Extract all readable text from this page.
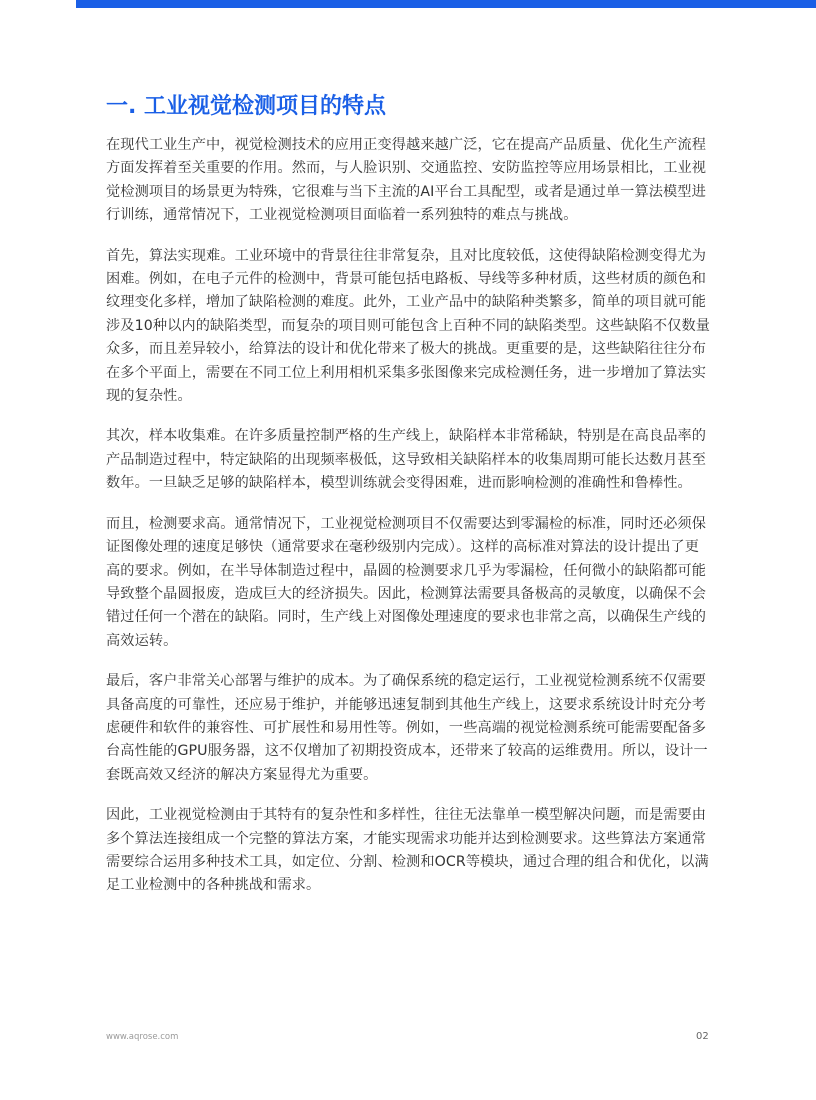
一. 工业视觉检测项目的特点

在现代工业生产中，视觉检测技术的应用正变得越来越广泛，它在提高产品质量、优化生产流程方面发挥着至关重要的作用。然而，与人脸识别、交通监控、安防监控等应用场景相比，工业视觉检测项目的场景更为特殊，它很难与当下主流的AI平台工具配型，或者是通过单一算法模型进行训练，通常情况下，工业视觉检测项目面临着一系列独特的难点与挑战。

首先，算法实现难。工业环境中的背景往往非常复杂，且对比度较低，这使得缺陷检测变得尤为困难。例如，在电子元件的检测中，背景可能包括电路板、导线等多种材质，这些材质的颜色和纹理变化多样，增加了缺陷检测的难度。此外，工业产品中的缺陷种类繁多，简单的项目就可能涉及10种以内的缺陷类型，而复杂的项目则可能包含上百种不同的缺陷类型。这些缺陷不仅数量众多，而且差异较小，给算法的设计和优化带来了极大的挑战。更重要的是，这些缺陷往往分布在多个平面上，需要在不同工位上利用相机采集多张图像来完成检测任务，进一步增加了算法实现的复杂性。

其次，样本收集难。在许多质量控制严格的生产线上，缺陷样本非常稀缺，特别是在高良品率的产品制造过程中，特定缺陷的出现频率极低，这导致相关缺陷样本的收集周期可能长达数月甚至数年。一旦缺乏足够的缺陷样本，模型训练就会变得困难，进而影响检测的准确性和鲁棒性。

而且，检测要求高。通常情况下，工业视觉检测项目不仅需要达到零漏检的标准，同时还必须保证图像处理的速度足够快（通常要求在毫秒级别内完成）。这样的高标准对算法的设计提出了更高的要求。例如，在半导体制造过程中，晶圆的检测要求几乎为零漏检，任何微小的缺陷都可能导致整个晶圆报废，造成巨大的经济损失。因此，检测算法需要具备极高的灵敏度，以确保不会错过任何一个潜在的缺陷。同时，生产线上对图像处理速度的要求也非常之高，以确保生产线的高效运转。

最后，客户非常关心部署与维护的成本。为了确保系统的稳定运行，工业视觉检测系统不仅需要具备高度的可靠性，还应易于维护，并能够迅速复制到其他生产线上，这要求系统设计时充分考虑硬件和软件的兼容性、可扩展性和易用性等。例如，一些高端的视觉检测系统可能需要配备多台高性能的GPU服务器，这不仅增加了初期投资成本，还带来了较高的运维费用。所以，设计一套既高效又经济的解决方案显得尤为重要。

因此，工业视觉检测由于其特有的复杂性和多样性，往往无法靠单一模型解决问题，而是需要由多个算法连接组成一个完整的算法方案，才能实现需求功能并达到检测要求。这些算法方案通常需要综合运用多种技术工具，如定位、分割、检测和OCR等模块，通过合理的组合和优化，以满足工业检测中的各种挑战和需求。

www.aqrose.com	02
